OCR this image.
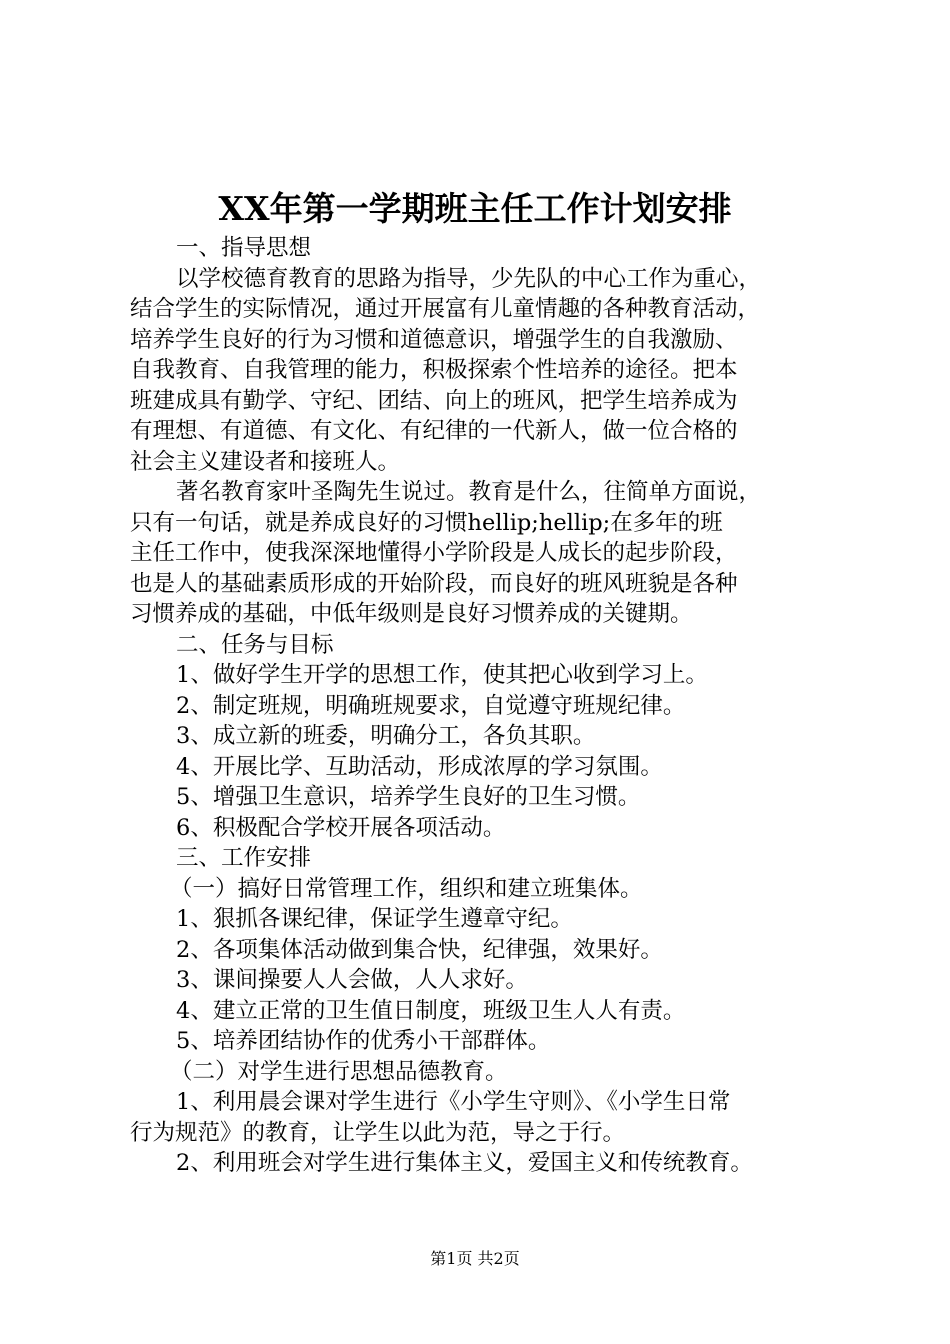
XX年第一学期班主任工作计划安排
一、指导思想
以学校德育教育的思路为指导，少先队的中心工作为重心，
结合学生的实际情况，通过开展富有儿童情趣的各种教育活动，
培养学生良好的行为习惯和道德意识，增强学生的自我激励、
自我教育、自我管理的能力，积极探索个性培养的途径。把本
班建成具有勤学、守纪、团结、向上的班风，把学生培养成为
有理想、有道德、有文化、有纪律的一代新人，做一位合格的
社会主义建设者和接班人。
著名教育家叶圣陶先生说过。教育是什么，往简单方面说，
只有一句话，就是养成良好的习惯hellip;hellip;在多年的班
主任工作中，使我深深地懂得小学阶段是人成长的起步阶段，
也是人的基础素质形成的开始阶段，而良好的班风班貌是各种
习惯养成的基础，中低年级则是良好习惯养成的关键期。
二、任务与目标
1、做好学生开学的思想工作，使其把心收到学习上。
2、制定班规，明确班规要求，自觉遵守班规纪律。
3、成立新的班委，明确分工，各负其职。
4、开展比学、互助活动，形成浓厚的学习氛围。
5、增强卫生意识，培养学生良好的卫生习惯。
6、积极配合学校开展各项活动。
三、工作安排
（一）搞好日常管理工作，组织和建立班集体。
1、狠抓各课纪律，保证学生遵章守纪。
2、各项集体活动做到集合快，纪律强，效果好。
3、课间操要人人会做，人人求好。
4、建立正常的卫生值日制度，班级卫生人人有责。
5、培养团结协作的优秀小干部群体。
（二）对学生进行思想品德教育。
1、利用晨会课对学生进行《小学生守则》、《小学生日常
行为规范》的教育，让学生以此为范，导之于行。
2、利用班会对学生进行集体主义，爱国主义和传统教育。
第1页 共2页
